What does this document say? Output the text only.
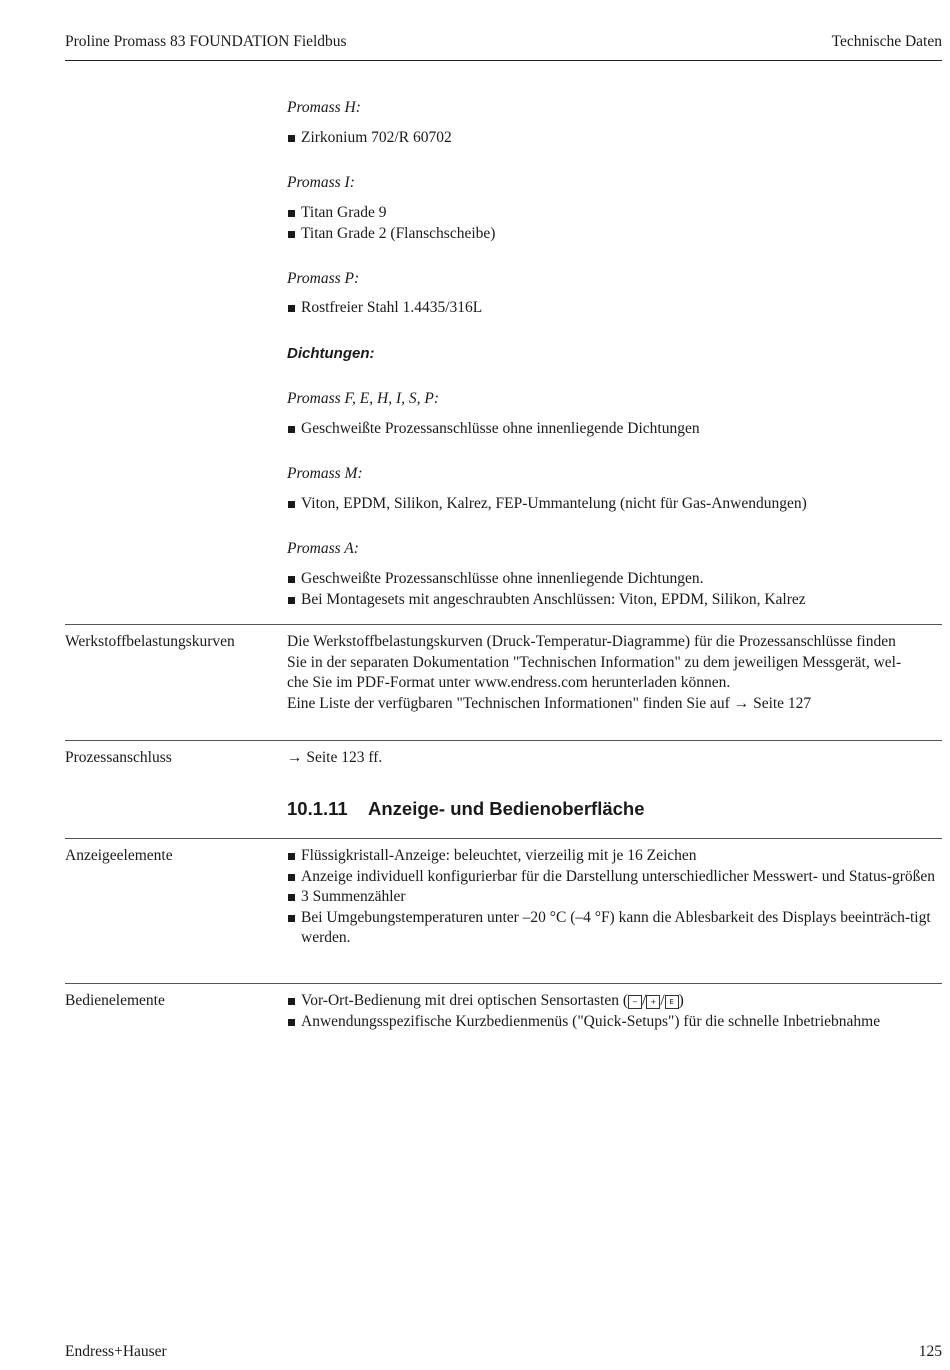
Proline Promass 83 FOUNDATION Fieldbus	Technische Daten
Promass H:
Zirkonium 702/R 60702
Promass I:
Titan Grade 9
Titan Grade 2 (Flanschscheibe)
Promass P:
Rostfreier Stahl 1.4435/316L
Dichtungen:
Promass F, E, H, I, S, P:
Geschweißte Prozessanschlüsse ohne innenliegende Dichtungen
Promass M:
Viton, EPDM, Silikon, Kalrez, FEP-Ummantelung (nicht für Gas-Anwendungen)
Promass A:
Geschweißte Prozessanschlüsse ohne innenliegende Dichtungen.
Bei Montagesets mit angeschraubten Anschlüssen: Viton, EPDM, Silikon, Kalrez
Werkstoffbelastungskurven	Die Werkstoffbelastungskurven (Druck-Temperatur-Diagramme) für die Prozessanschlüsse finden
Sie in der separaten Dokumentation "Technischen Information" zu dem jeweiligen Messgerät, wel-
che Sie im PDF-Format unter www.endress.com herunterladen können.
Eine Liste der verfügbaren "Technischen Informationen" finden Sie auf → Seite 127
Prozessanschluss	→ Seite 123 ff.
10.1.11 Anzeige- und Bedienoberfläche
Anzeigeelemente	Flüssigkristall-Anzeige: beleuchtet, vierzeilig mit je 16 Zeichen
Anzeige individuell konfigurierbar für die Darstellung unterschiedlicher Messwert- und Status-größen
3 Summenzähler
Bei Umgebungstemperaturen unter –20 °C (–4 °F) kann die Ablesbarkeit des Displays beeinträch-tigt werden.
Bedienelemente	Vor-Ort-Bedienung mit drei optischen Sensortasten ( − / + / E )
Anwendungsspezifische Kurzbedienmenüs ("Quick-Setups") für die schnelle Inbetriebnahme
Endress+Hauser	125
